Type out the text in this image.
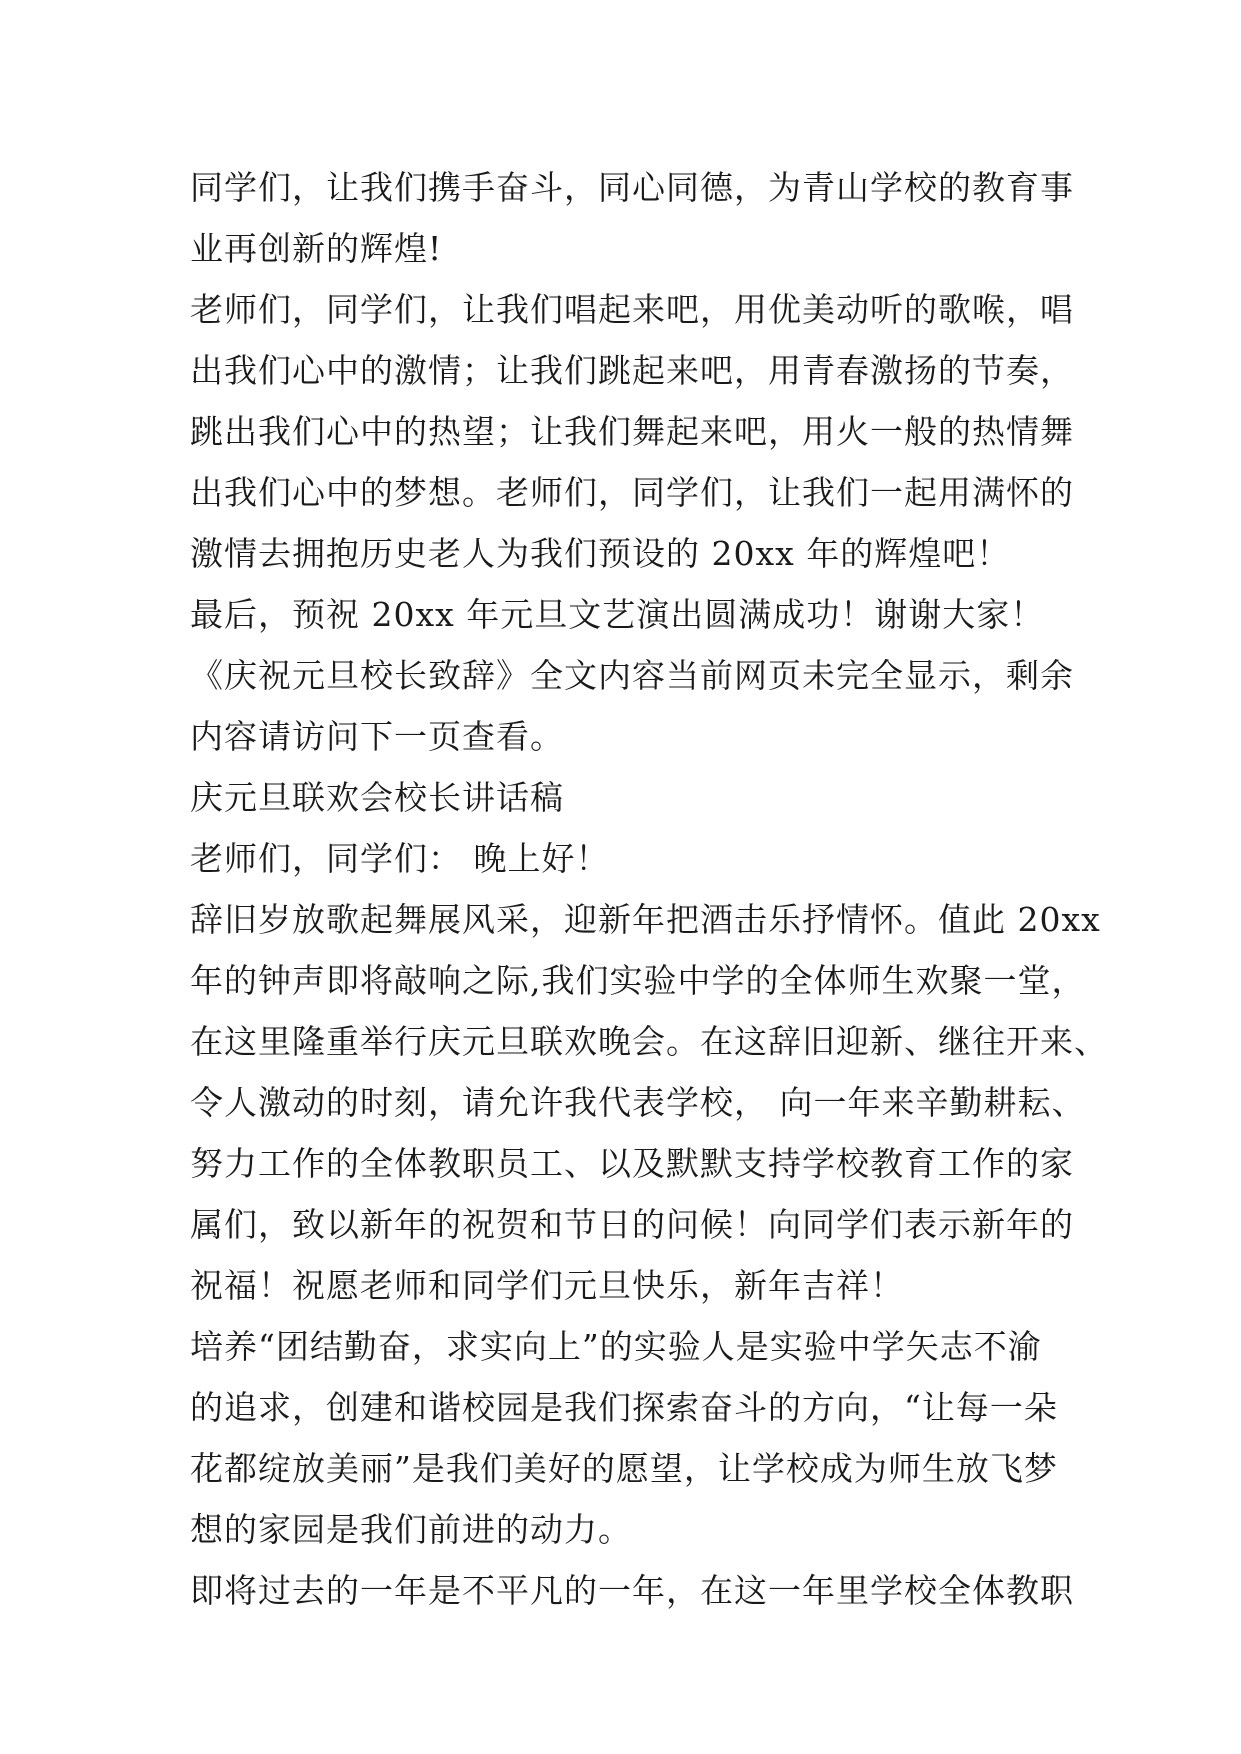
同学们，让我们携手奋斗，同心同德，为青山学校的教育事
业再创新的辉煌!
老师们，同学们，让我们唱起来吧，用优美动听的歌喉，唱
出我们心中的激情；让我们跳起来吧，用青春激扬的节奏，
跳出我们心中的热望；让我们舞起来吧，用火一般的热情舞
出我们心中的梦想。老师们，同学们，让我们一起用满怀的
激情去拥抱历史老人为我们预设的 20xx 年的辉煌吧！
最后，预祝 20xx 年元旦文艺演出圆满成功！谢谢大家！
《庆祝元旦校长致辞》全文内容当前网页未完全显示，剩余
内容请访问下一页查看。
庆元旦联欢会校长讲话稿
老师们，同学们： 晚上好！
辞旧岁放歌起舞展风采，迎新年把酒击乐抒情怀。值此 20xx
年的钟声即将敲响之际,我们实验中学的全体师生欢聚一堂，
在这里隆重举行庆元旦联欢晚会。在这辞旧迎新、继往开来、
令人激动的时刻，请允许我代表学校， 向一年来辛勤耕耘、
努力工作的全体教职员工、以及默默支持学校教育工作的家
属们，致以新年的祝贺和节日的问候！向同学们表示新年的
祝福！祝愿老师和同学们元旦快乐，新年吉祥！
培养“团结勤奋，求实向上”的实验人是实验中学矢志不渝
的追求，创建和谐校园是我们探索奋斗的方向，“让每一朵
花都绽放美丽”是我们美好的愿望，让学校成为师生放飞梦
想的家园是我们前进的动力。
即将过去的一年是不平凡的一年，在这一年里学校全体教职
